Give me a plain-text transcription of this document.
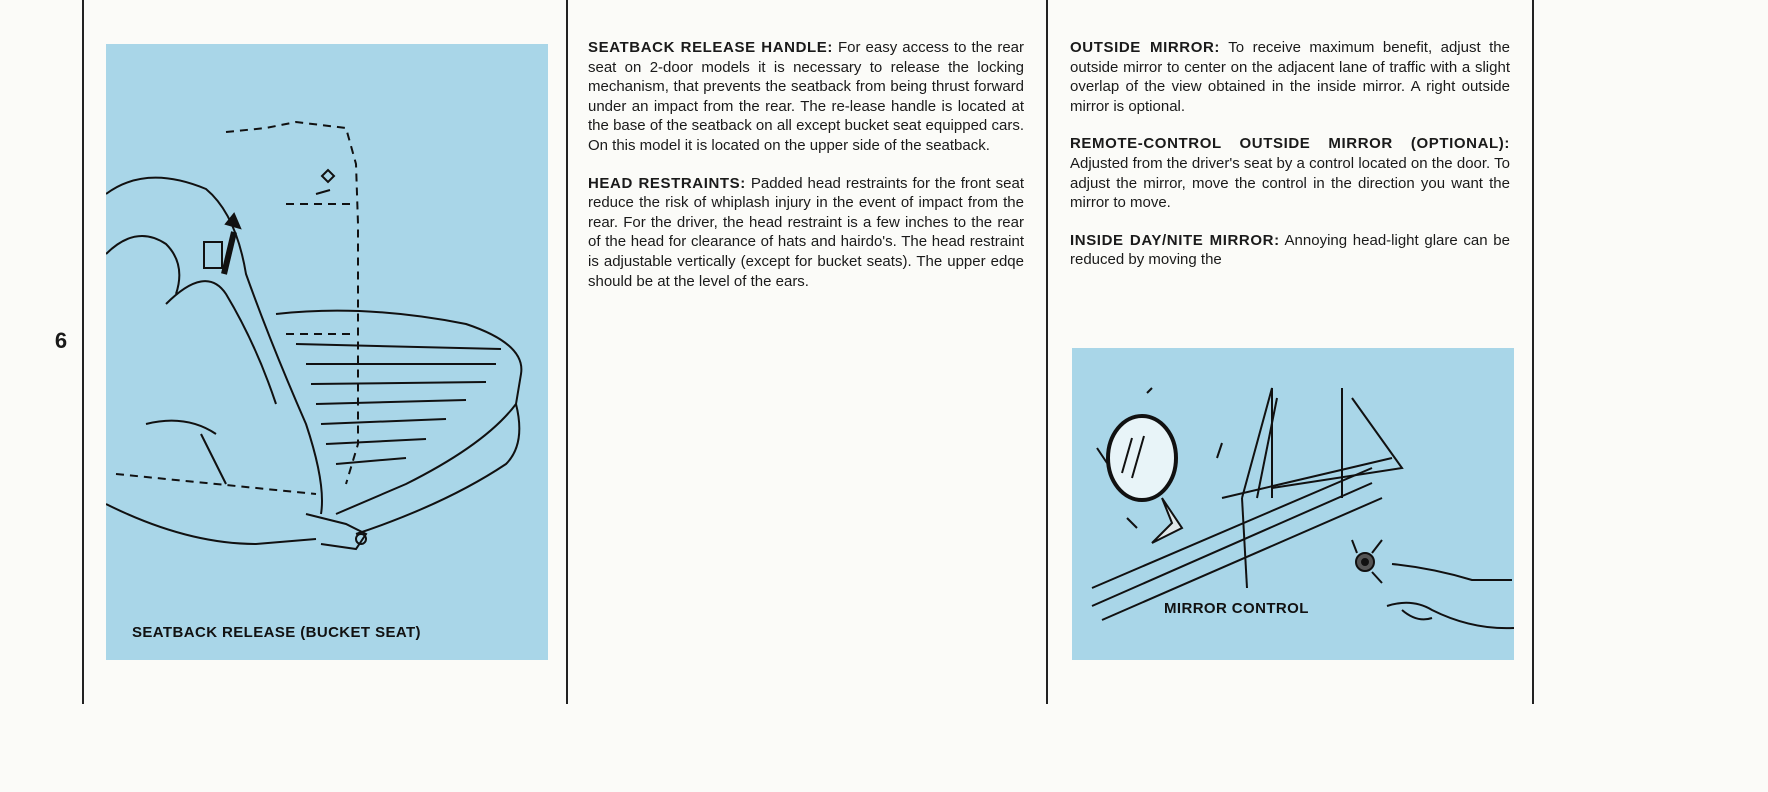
6
SEATBACK RELEASE (BUCKET SEAT)

SEATBACK RELEASE HANDLE: For easy access to the rear seat on 2-door models it is necessary to release the locking mechanism, that prevents the seatback from being thrust forward under an impact from the rear. The re-lease handle is located at the base of the seatback on all except bucket seat equipped cars. On this model it is located on the upper side of the seatback.

HEAD RESTRAINTS: Padded head restraints for the front seat reduce the risk of whiplash injury in the event of impact from the rear. For the driver, the head restraint is a few inches to the rear of the head for clearance of hats and hairdo's. The head restraint is adjustable vertically (except for bucket seats). The upper edqe should be at the level of the ears.

OUTSIDE MIRROR: To receive maximum benefit, adjust the outside mirror to center on the adjacent lane of traffic with a slight overlap of the view obtained in the inside mirror. A right outside mirror is optional.

REMOTE-CONTROL OUTSIDE MIRROR (OPTIONAL): Adjusted from the driver's seat by a control located on the door. To adjust the mirror, move the control in the direction you want the mirror to move.

INSIDE DAY/NITE MIRROR: Annoying head-light glare can be reduced by moving the

MIRROR CONTROL
